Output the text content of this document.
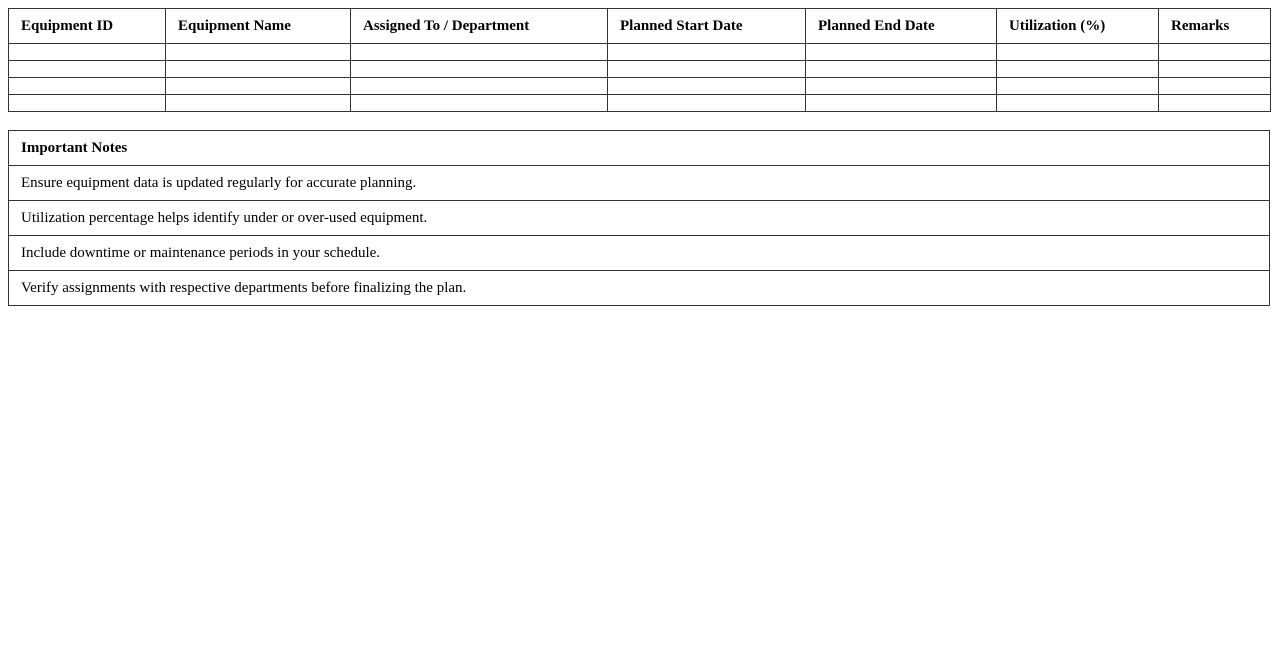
Equipment ID	Equipment Name	Assigned To / Department	Planned Start Date	Planned End Date	Utilization (%)	Remarks

Important Notes
Ensure equipment data is updated regularly for accurate planning.
Utilization percentage helps identify under or over-used equipment.
Include downtime or maintenance periods in your schedule.
Verify assignments with respective departments before finalizing the plan.
